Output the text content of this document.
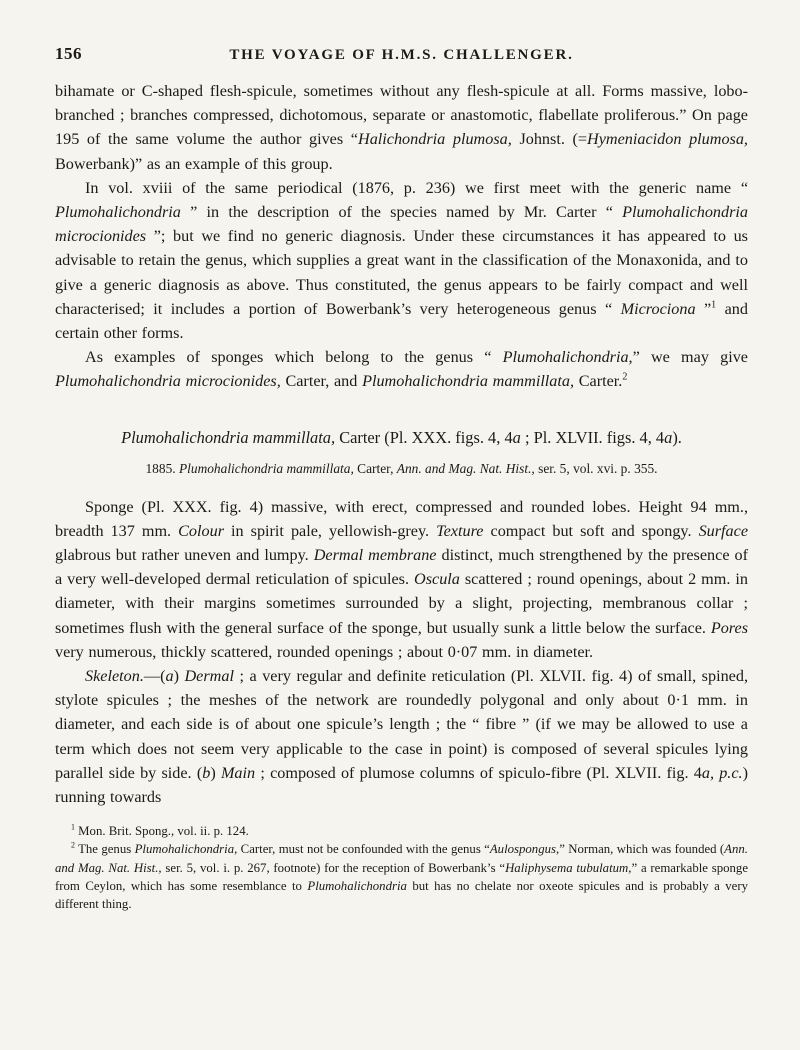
156	THE VOYAGE OF H.M.S. CHALLENGER.

bihamate or C-shaped flesh-spicule, sometimes without any flesh-spicule at all. Forms massive, lobo-branched ; branches compressed, dichotomous, separate or anastomotic, flabellate proliferous.” On page 195 of the same volume the author gives “Halichondria plumosa, Johnst. (=Hymeniacidon plumosa, Bowerbank)” as an example of this group.

In vol. xviii of the same periodical (1876, p. 236) we first meet with the generic name “ Plumohalichondria ” in the description of the species named by Mr. Carter “ Plumohalichondria microcionides ”; but we find no generic diagnosis. Under these circumstances it has appeared to us advisable to retain the genus, which supplies a great want in the classification of the Monaxonida, and to give a generic diagnosis as above. Thus constituted, the genus appears to be fairly compact and well characterised; it includes a portion of Bowerbank’s very heterogeneous genus “ Microciona ”$^1$ and certain other forms.

As examples of sponges which belong to the genus “ Plumohalichondria,” we may give Plumohalichondria microcionides, Carter, and Plumohalichondria mammillata, Carter.$^2$

Plumohalichondria mammillata, Carter (Pl. XXX. figs. 4, 4a ; Pl. XLVII. figs. 4, 4a).

1885. Plumohalichondria mammillata, Carter, Ann. and Mag. Nat. Hist., ser. 5, vol. xvi. p. 355.

Sponge (Pl. XXX. fig. 4) massive, with erect, compressed and rounded lobes. Height 94 mm., breadth 137 mm. Colour in spirit pale, yellowish-grey. Texture compact but soft and spongy. Surface glabrous but rather uneven and lumpy. Dermal membrane distinct, much strengthened by the presence of a very well-developed dermal reticulation of spicules. Oscula scattered ; round openings, about 2 mm. in diameter, with their margins sometimes surrounded by a slight, projecting, membranous collar ; sometimes flush with the general surface of the sponge, but usually sunk a little below the surface. Pores very numerous, thickly scattered, rounded openings ; about 0·07 mm. in diameter.

Skeleton.—(a) Dermal ; a very regular and definite reticulation (Pl. XLVII. fig. 4) of small, spined, stylote spicules ; the meshes of the network are roundedly polygonal and only about 0·1 mm. in diameter, and each side is of about one spicule’s length ; the “ fibre ” (if we may be allowed to use a term which does not seem very applicable to the case in point) is composed of several spicules lying parallel side by side. (b) Main ; composed of plumose columns of spiculo-fibre (Pl. XLVII. fig. 4a, p.c.) running towards

$^1$ Mon. Brit. Spong., vol. ii. p. 124.

$^2$ The genus Plumohalichondria, Carter, must not be confounded with the genus “Aulospongus,” Norman, which was founded (Ann. and Mag. Nat. Hist., ser. 5, vol. i. p. 267, footnote) for the reception of Bowerbank’s “Haliphysema tubulatum,” a remarkable sponge from Ceylon, which has some resemblance to Plumohalichondria but has no chelate nor oxeote spicules and is probably a very different thing.
